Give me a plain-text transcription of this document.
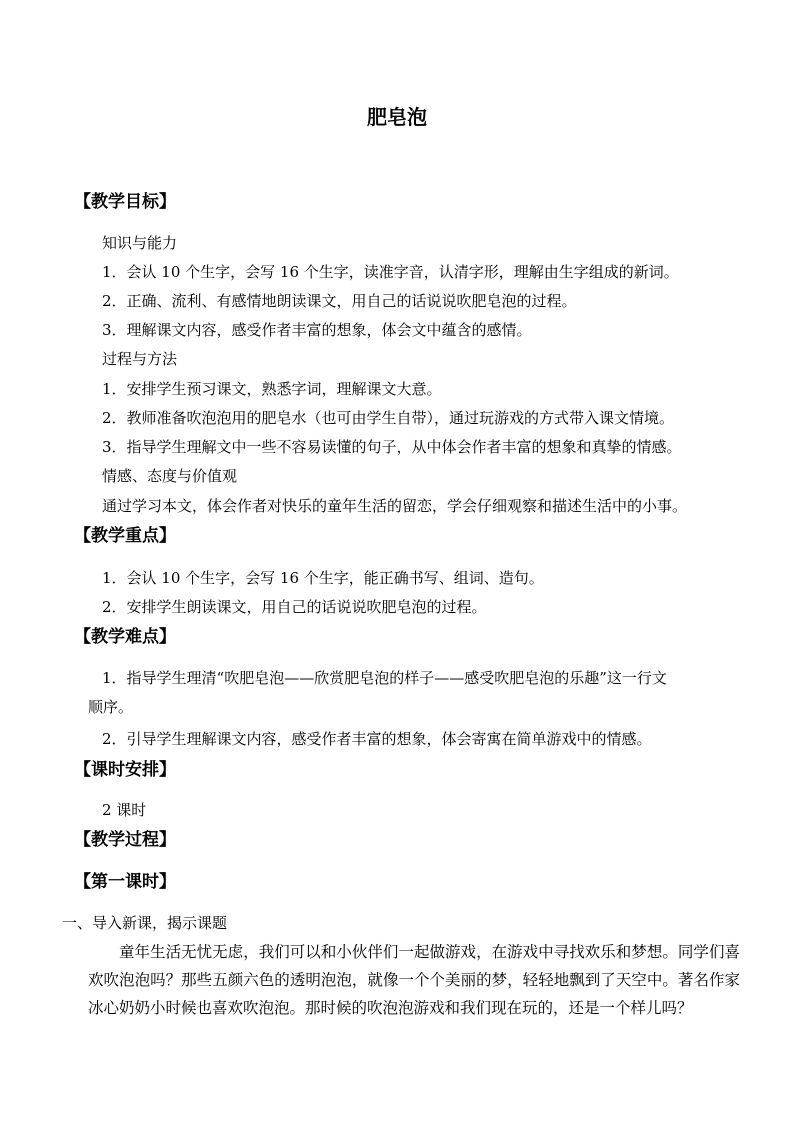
肥皂泡
【教学目标】
知识与能力
1．会认 10 个生字，会写 16 个生字，读准字音，认清字形，理解由生字组成的新词。
2．正确、流利、有感情地朗读课文，用自己的话说说吹肥皂泡的过程。
3．理解课文内容，感受作者丰富的想象，体会文中蕴含的感情。
过程与方法
1．安排学生预习课文，熟悉字词，理解课文大意。
2．教师准备吹泡泡用的肥皂水（也可由学生自带），通过玩游戏的方式带入课文情境。
3．指导学生理解文中一些不容易读懂的句子，从中体会作者丰富的想象和真挚的情感。
情感、态度与价值观
通过学习本文，体会作者对快乐的童年生活的留恋，学会仔细观察和描述生活中的小事。
【教学重点】
1．会认 10 个生字，会写 16 个生字，能正确书写、组词、造句。
2．安排学生朗读课文，用自己的话说说吹肥皂泡的过程。
【教学难点】
1．指导学生理清“吹肥皂泡——欣赏肥皂泡的样子——感受吹肥皂泡的乐趣”这一行文
顺序。
2．引导学生理解课文内容，感受作者丰富的想象，体会寄寓在简单游戏中的情感。
【课时安排】
2 课时
【教学过程】
【第一课时】
一、导入新课，揭示课题
童年生活无忧无虑，我们可以和小伙伴们一起做游戏，在游戏中寻找欢乐和梦想。同学们喜欢吹泡泡吗？那些五颜六色的透明泡泡，就像一个个美丽的梦，轻轻地飘到了天空中。著名作家冰心奶奶小时候也喜欢吹泡泡。那时候的吹泡泡游戏和我们现在玩的，还是一个样儿吗？
